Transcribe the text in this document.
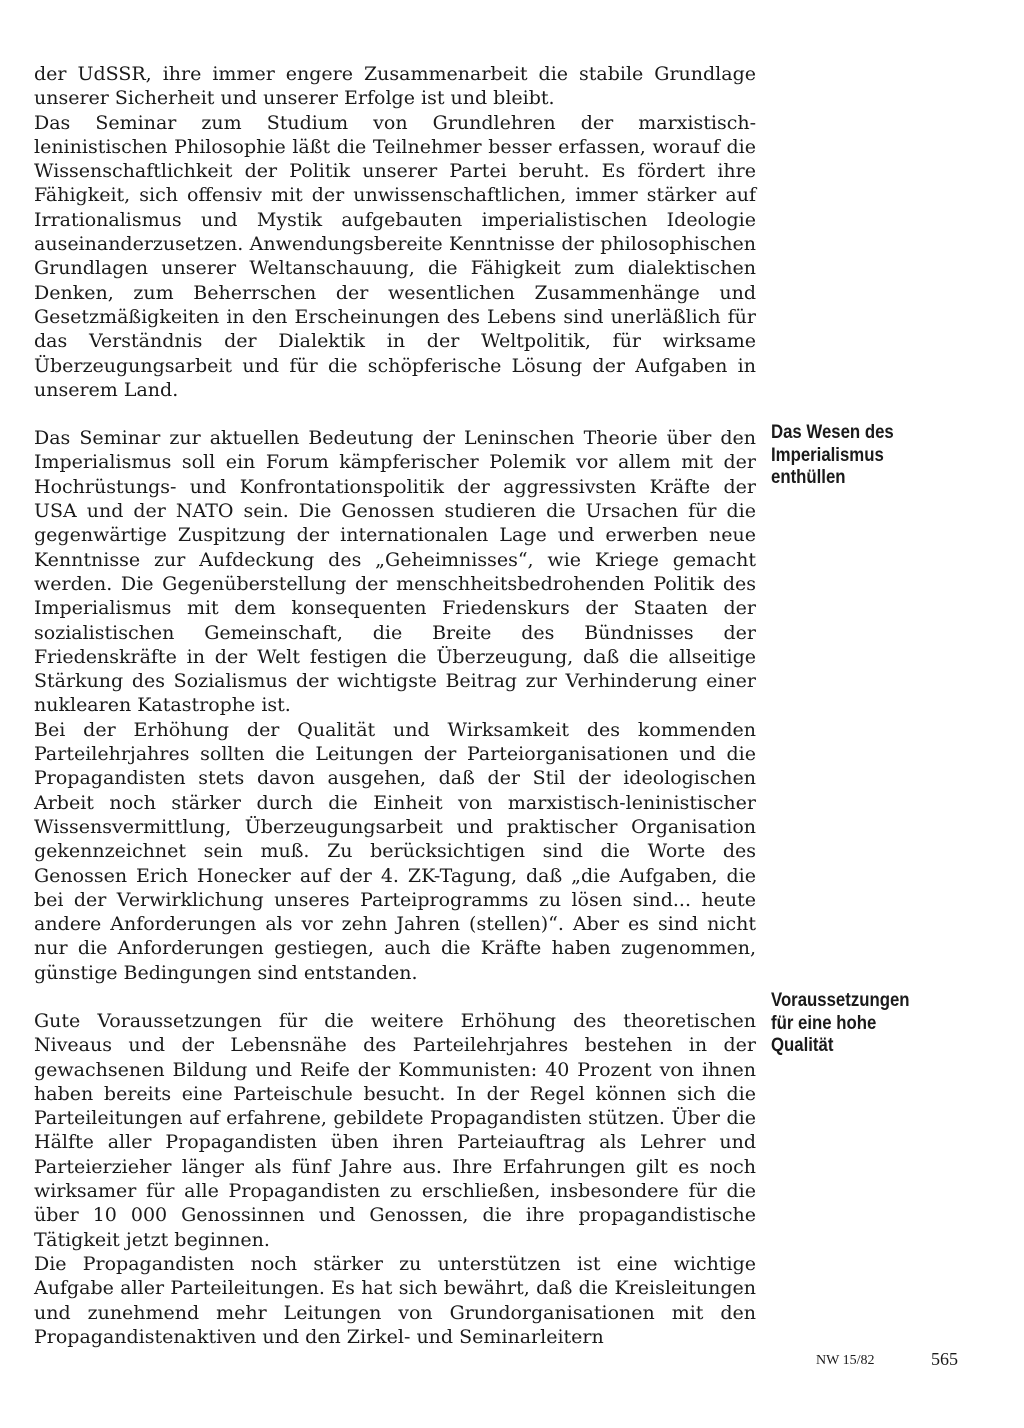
der UdSSR, ihre immer engere Zusammenarbeit die stabile Grundlage unserer Sicherheit und unserer Erfolge ist und bleibt.

Das Seminar zum Studium von Grundlehren der marxistisch-leninistischen Philosophie läßt die Teilnehmer besser erfassen, worauf die Wissenschaftlichkeit der Politik unserer Partei beruht. Es fördert ihre Fähigkeit, sich offensiv mit der unwissenschaftlichen, immer stärker auf Irrationalismus und Mystik aufgebauten imperialistischen Ideologie auseinanderzusetzen. Anwendungsbereite Kenntnisse der philosophischen Grundlagen unserer Weltanschauung, die Fähigkeit zum dialektischen Denken, zum Beherrschen der wesentlichen Zusammenhänge und Gesetzmäßigkeiten in den Erscheinungen des Lebens sind unerläßlich für das Verständnis der Dialektik in der Weltpolitik, für wirksame Überzeugungsarbeit und für die schöpferische Lösung der Aufgaben in unserem Land.

Das Seminar zur aktuellen Bedeutung der Leninschen Theorie über den Imperialismus soll ein Forum kämpferischer Polemik vor allem mit der Hochrüstungs- und Konfrontationspolitik der aggressivsten Kräfte der USA und der NATO sein. Die Genossen studieren die Ursachen für die gegenwärtige Zuspitzung der internationalen Lage und erwerben neue Kenntnisse zur Aufdeckung des „Geheimnisses“, wie Kriege gemacht werden. Die Gegenüberstellung der menschheitsbedrohenden Politik des Imperialismus mit dem konsequenten Friedenskurs der Staaten der sozialistischen Gemeinschaft, die Breite des Bündnisses der Friedenskräfte in der Welt festigen die Überzeugung, daß die allseitige Stärkung des Sozialismus der wichtigste Beitrag zur Verhinderung einer nuklearen Katastrophe ist.

Bei der Erhöhung der Qualität und Wirksamkeit des kommenden Parteilehrjahres sollten die Leitungen der Parteiorganisationen und die Propagandisten stets davon ausgehen, daß der Stil der ideologischen Arbeit noch stärker durch die Einheit von marxistisch-leninistischer Wissensvermittlung, Überzeugungsarbeit und praktischer Organisation gekennzeichnet sein muß. Zu berücksichtigen sind die Worte des Genossen Erich Honecker auf der 4. ZK-Tagung, daß „die Aufgaben, die bei der Verwirklichung unseres Parteiprogramms zu lösen sind... heute andere Anforderungen als vor zehn Jahren (stellen)“. Aber es sind nicht nur die Anforderungen gestiegen, auch die Kräfte haben zugenommen, günstige Bedingungen sind entstanden.

Gute Voraussetzungen für die weitere Erhöhung des theoretischen Niveaus und der Lebensnähe des Parteilehrjahres bestehen in der gewachsenen Bildung und Reife der Kommunisten: 40 Prozent von ihnen haben bereits eine Parteischule besucht. In der Regel können sich die Parteileitungen auf erfahrene, gebildete Propagandisten stützen. Über die Hälfte aller Propagandisten üben ihren Parteiauftrag als Lehrer und Parteierzieher länger als fünf Jahre aus. Ihre Erfahrungen gilt es noch wirksamer für alle Propagandisten zu erschließen, insbesondere für die über 10 000 Genossinnen und Genossen, die ihre propagandistische Tätigkeit jetzt beginnen.

Die Propagandisten noch stärker zu unterstützen ist eine wichtige Aufgabe aller Parteileitungen. Es hat sich bewährt, daß die Kreisleitungen und zunehmend mehr Leitungen von Grundorganisationen mit den Propagandistenaktiven und den Zirkel- und Seminarleitern

Das Wesen des
Imperialismus
enthüllen
Voraussetzungen
für eine hohe
Qualität
NW 15/82	565
